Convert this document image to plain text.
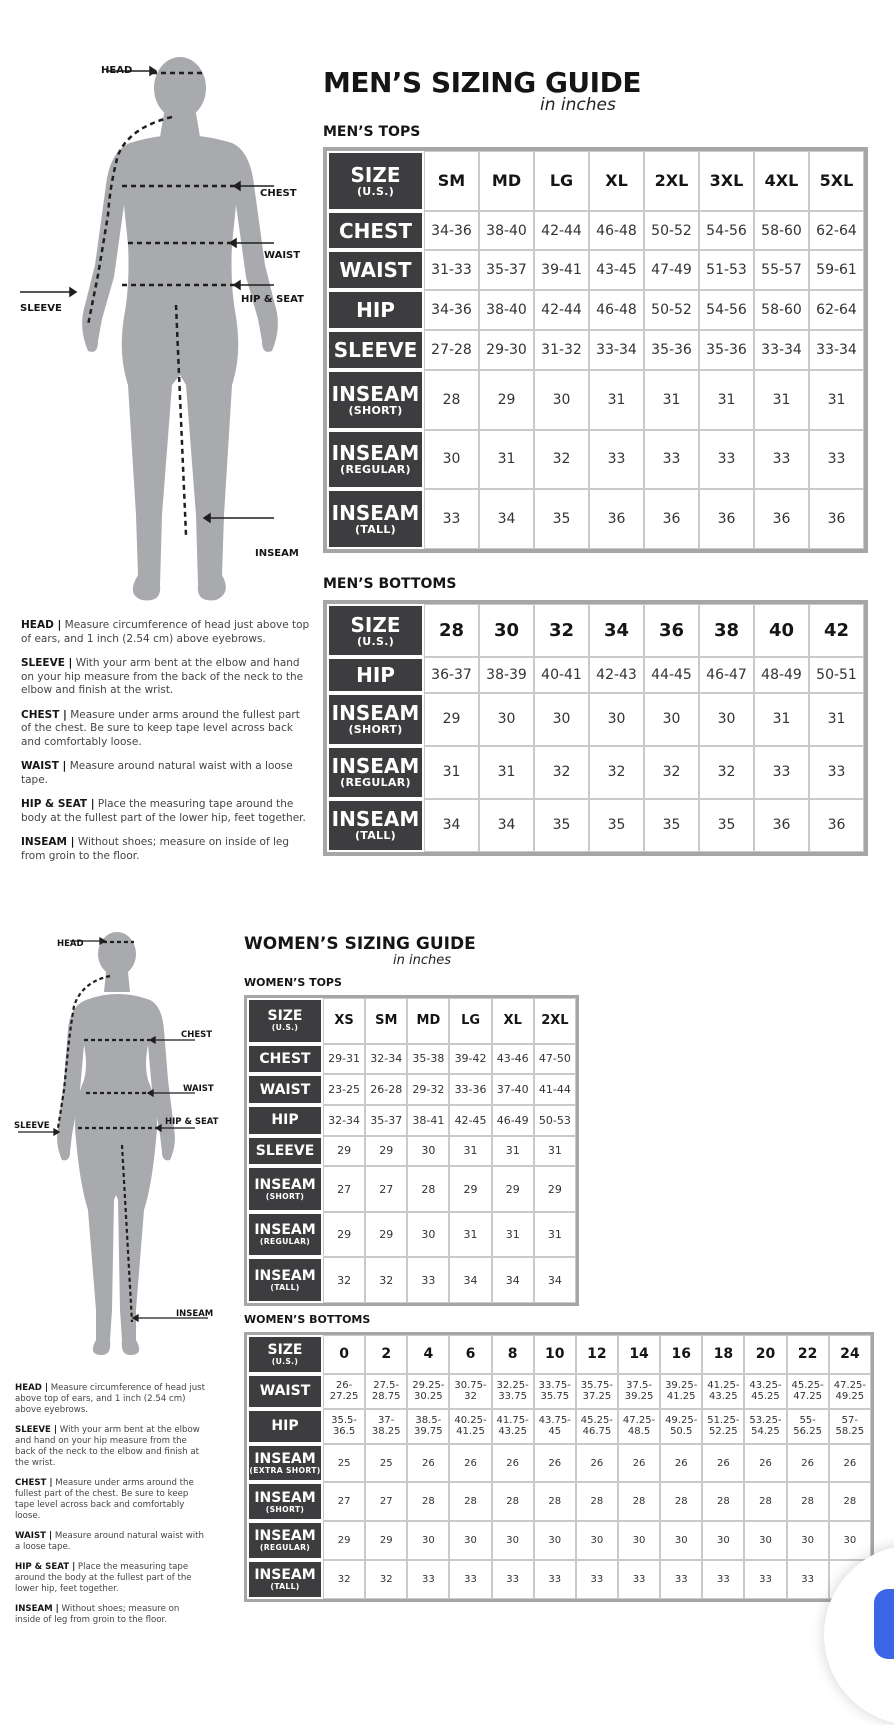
HEAD
CHEST
WAIST
HIP & SEAT
SLEEVE
INSEAM
MEN’S SIZING GUIDE
in inches
MEN’S TOPS
SIZE
(U.S.)	SM	MD	LG	XL	2XL	3XL	4XL	5XL
CHEST	34-36	38-40	42-44	46-48	50-52	54-56	58-60	62-64
WAIST	31-33	35-37	39-41	43-45	47-49	51-53	55-57	59-61
HIP	34-36	38-40	42-44	46-48	50-52	54-56	58-60	62-64
SLEEVE	27-28	29-30	31-32	33-34	35-36	35-36	33-34	33-34
INSEAM
(SHORT)	28	29	30	31	31	31	31	31
INSEAM
(REGULAR)	30	31	32	33	33	33	33	33
INSEAM
(TALL)	33	34	35	36	36	36	36	36
MEN’S BOTTOMS
SIZE
(U.S.)	28	30	32	34	36	38	40	42
HIP	36-37	38-39	40-41	42-43	44-45	46-47	48-49	50-51
INSEAM
(SHORT)	29	30	30	30	30	30	31	31
INSEAM
(REGULAR)	31	31	32	32	32	32	33	33
INSEAM
(TALL)	34	34	35	35	35	35	36	36

HEAD | Measure circumference of head just above top of ears, and 1 inch (2.54 cm) above eyebrows.

SLEEVE | With your arm bent at the elbow and hand on your hip measure from the back of the neck to the elbow and finish at the wrist.

CHEST | Measure under arms around the fullest part of the chest. Be sure to keep tape level across back and comfortably loose.

WAIST | Measure around natural waist with a loose tape.

HIP & SEAT | Place the measuring tape around the body at the fullest part of the lower hip, feet together.

INSEAM | Without shoes; measure on inside of leg from groin to the floor.

HEAD
CHEST
WAIST
HIP & SEAT
SLEEVE
INSEAM
WOMEN’S SIZING GUIDE
in inches
WOMEN’S TOPS
SIZE
(U.S.)	XS	SM	MD	LG	XL	2XL
CHEST	29-31	32-34	35-38	39-42	43-46	47-50
WAIST	23-25	26-28	29-32	33-36	37-40	41-44
HIP	32-34	35-37	38-41	42-45	46-49	50-53
SLEEVE	29	29	30	31	31	31
INSEAM
(SHORT)	27	27	28	29	29	29
INSEAM
(REGULAR)	29	29	30	31	31	31
INSEAM
(TALL)	32	32	33	34	34	34
WOMEN’S BOTTOMS
SIZE
(U.S.)	0	2	4	6	8	10	12	14	16	18	20	22	24
WAIST	26-27.25	27.5-28.75	29.25-30.25	30.75-32	32.25-33.75	33.75-35.75	35.75-37.25	37.5-39.25	39.25-41.25	41.25-43.25	43.25-45.25	45.25-47.25	47.25-49.25
HIP	35.5-36.5	37-38.25	38.5-39.75	40.25-41.25	41.75-43.25	43.75-45	45.25-46.75	47.25-48.5	49.25-50.5	51.25-52.25	53.25-54.25	55-56.25	57-58.25
INSEAM
(EXTRA SHORT)	25	25	26	26	26	26	26	26	26	26	26	26	26
INSEAM
(SHORT)	27	27	28	28	28	28	28	28	28	28	28	28	28
INSEAM
(REGULAR)	29	29	30	30	30	30	30	30	30	30	30	30	30
INSEAM
(TALL)	32	32	33	33	33	33	33	33	33	33	33	33	

HEAD | Measure circumference of head just above top of ears, and 1 inch (2.54 cm) above eyebrows.

SLEEVE | With your arm bent at the elbow and hand on your hip measure from the back of the neck to the elbow and finish at the wrist.

CHEST | Measure under arms around the fullest part of the chest. Be sure to keep tape level across back and comfortably loose.

WAIST | Measure around natural waist with a loose tape.

HIP & SEAT | Place the measuring tape around the body at the fullest part of the lower hip, feet together.

INSEAM | Without shoes; measure on inside of leg from groin to the floor.
